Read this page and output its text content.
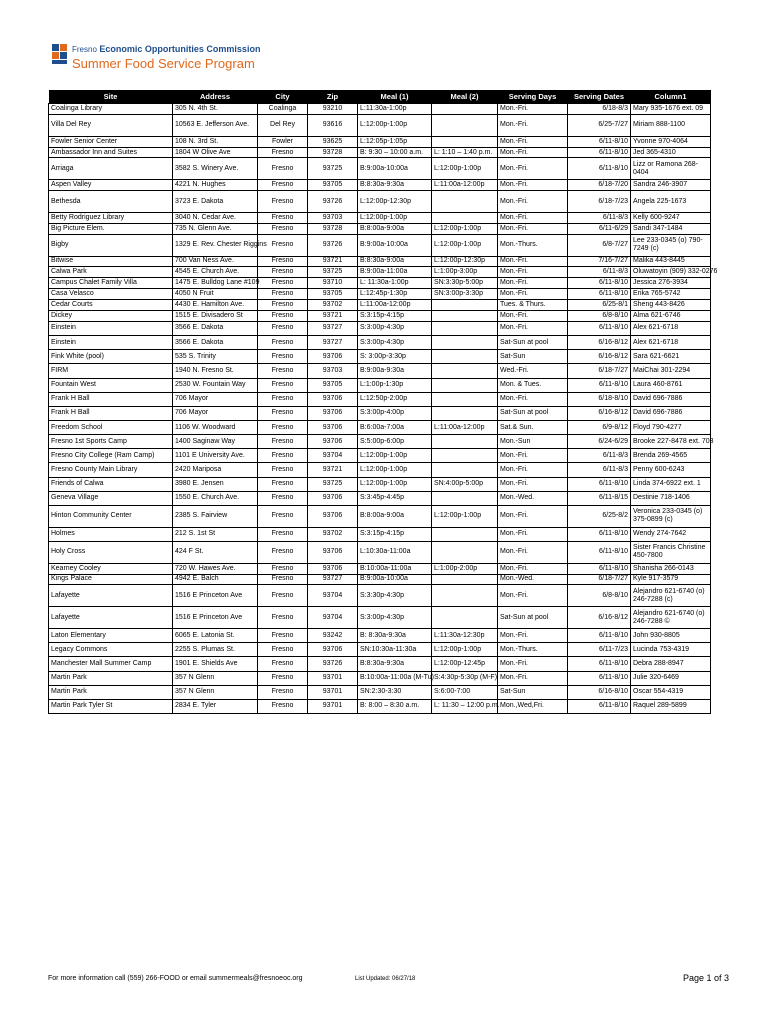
Fresno Economic Opportunities Commission
Summer Food Service Program
Site	Address	City	Zip	Meal (1)	Meal (2)	Serving Days	Serving Dates	Column1
Coalinga Library	305 N. 4th St.	Coalinga	93210	L:11:30a-1:00p		Mon.-Fri.	6/18-8/3	Mary 935-1676 ext. 09
Villa Del Rey	10563 E. Jefferson Ave.	Del Rey	93616	L:12:00p-1:00p		Mon.-Fri.	6/25-7/27	Miriam 888-1100
Fowler Senior Center	108 N. 3rd St.	Fowler	93625	L:12:05p-1:05p		Mon.-Fri.	6/11-8/10	Yvonne 970-4064
Ambassador Inn and Suites	1804 W Olive Ave	Fresno	93728	B: 9:30 – 10:00 a.m.	L: 1:10 – 1:40 p.m.	Mon.-Fri.	6/11-8/10	Jed 365-4310
Arriaga	3582 S. Winery Ave.	Fresno	93725	B:9:00a-10:00a	L:12:00p-1:00p	Mon.-Fri.	6/11-8/10	Lizz or Ramona 268-0404
Aspen Valley	4221 N. Hughes	Fresno	93705	B:8:30a-9:30a	L:11:00a-12:00p	Mon.-Fri.	6/18-7/20	Sandra 246-3907
Bethesda	3723 E. Dakota	Fresno	93726	L:12:00p-12:30p		Mon.-Fri.	6/18-7/23	Angela 225-1673
Betty Rodriguez Library	3040 N. Cedar Ave.	Fresno	93703	L:12:00p-1:00p		Mon.-Fri.	6/11-8/3	Kelly 600-9247
Big Picture Elem.	735 N. Glenn Ave.	Fresno	93728	B:8:00a-9:00a	L:12:00p-1:00p	Mon.-Fri.	6/11-6/29	Sandi 347-1484
Bigby	1329 E. Rev. Chester Riggins	Fresno	93726	B:9:00a-10:00a	L:12:00p-1:00p	Mon.-Thurs.	6/8-7/27	Lee 233-0345 (o) 790-7249 (c)
Bitwise	700 Van Ness Ave.	Fresno	93721	B:8:30a-9:00a	L:12:00p-12:30p	Mon.-Fri.	7/16-7/27	Malika 443-8445
Calwa Park	4545 E. Church Ave.	Fresno	93725	B:9:00a-11:00a	L:1:00p-3:00p	Mon.-Fri.	6/11-8/3	Oluwatoyin (909) 332-0276
Campus Chalet Family Villa	1475 E. Bulldog Lane #109	Fresno	93710	L: 11:30a-1:00p	SN:3:30p-5:00p	Mon.-Fri.	6/11-8/10	Jessica 276-3934
Casa Velasco	4050 N Fruit	Fresno	93705	L:12:45p-1:30p	SN:3:00p-3:30p	Mon.-Fri.	6/11-8/10	Erika 765-5742
Cedar Courts	4430 E. Hamilton Ave.	Fresno	93702	L:11:00a-12:00p		Tues. & Thurs.	6/25-8/1	Sheng 443-8426
Dickey	1515 E. Divisadero St	Fresno	93721	S:3:15p-4:15p		Mon.-Fri.	6/8-8/10	Alma 621-6746
Einstein	3566 E. Dakota	Fresno	93727	S:3:00p-4:30p		Mon.-Fri.	6/11-8/10	Alex 621-6718
Einstein	3566 E. Dakota	Fresno	93727	S:3:00p-4:30p		Sat-Sun at pool	6/16-8/12	Alex 621-6718
Fink White (pool)	535 S. Trinity	Fresno	93706	S: 3:00p-3:30p		Sat-Sun	6/16-8/12	Sara 621-6621
FIRM	1940 N. Fresno St.	Fresno	93703	B:9:00a-9:30a		Wed.-Fri.	6/18-7/27	MaiChai 301-2294
Fountain West	2530 W. Fountain Way	Fresno	93705	L:1:00p-1:30p		Mon. & Tues.	6/11-8/10	Laura 460-8761
Frank H Ball	706 Mayor	Fresno	93706	L:12:50p-2:00p		Mon.-Fri.	6/18-8/10	David 696-7886
Frank H Ball	706 Mayor	Fresno	93706	S:3:00p-4:00p		Sat-Sun at pool	6/16-8/12	David 696-7886
Freedom School	1106 W. Woodward	Fresno	93706	B:6:00a-7:00a	L:11:00a-12:00p	Sat.& Sun.	6/9-8/12	Floyd 790-4277
Fresno 1st Sports Camp	1400 Saginaw Way	Fresno	93706	S:5:00p-6:00p		Mon.-Sun	6/24-6/29	Brooke 227-8478 ext. 703
Fresno City College (Ram Camp)	1101 E University Ave.	Fresno	93704	L:12:00p-1:00p		Mon.-Fri.	6/11-8/3	Brenda 269-4565
Fresno County Main Library	2420 Mariposa	Fresno	93721	L:12:00p-1:00p		Mon.-Fri.	6/11-8/3	Penny 600-6243
Friends of Calwa	3980 E. Jensen	Fresno	93725	L:12:00p-1:00p	SN:4:00p-5:00p	Mon.-Fri.	6/11-8/10	Linda 374-6922 ext. 1
Geneva Village	1550 E. Church Ave.	Fresno	93706	S:3:45p-4:45p		Mon.-Wed.	6/11-8/15	Destinie 718-1406
Hinton Community Center	2385 S. Fairview	Fresno	93706	B:8:00a-9:00a	L:12:00p-1:00p	Mon.-Fri.	6/25-8/2	Veronica 233-0345 (o) 375-0899 (c)
Holmes	212 S. 1st St	Fresno	93702	S:3:15p-4:15p		Mon.-Fri.	6/11-8/10	Wendy 274-7642
Holy Cross	424 F St.	Fresno	93706	L:10:30a-11:00a		Mon.-Fri.	6/11-8/10	Sister Francis Christine 450-7800
Kearney Cooley	720 W. Hawes Ave.	Fresno	93706	B:10:00a-11:00a	L:1:00p-2:00p	Mon.-Fri.	6/11-8/10	Shanisha 266-0143
Kings Palace	4942 E. Balch	Fresno	93727	B:9:00a-10:00a		Mon.-Wed.	6/18-7/27	Kyle 917-3579
Lafayette	1516 E Princeton Ave	Fresno	93704	S:3:30p-4:30p		Mon.-Fri.	6/8-8/10	Alejandro 621-6740 (o) 246-7288 (c)
Lafayette	1516 E Princeton Ave	Fresno	93704	S:3:00p-4:30p		Sat-Sun at pool	6/16-8/12	Alejandro 621-6740 (o) 246-7288 ©
Laton Elementary	6065 E. Latonia St.	Fresno	93242	B: 8:30a-9:30a	L:11:30a-12:30p	Mon.-Fri.	6/11-8/10	John 930-8805
Legacy Commons	2255 S. Plumas St.	Fresno	93706	SN:10:30a-11:30a	L:12:00p-1:00p	Mon.-Thurs.	6/11-7/23	Lucinda 753-4319
Manchester Mall Summer Camp	1901 E. Shields Ave	Fresno	93726	B:8:30a-9:30a	L:12:00p-12:45p	Mon.-Fri.	6/11-8/10	Debra 288-8947
Martin Park	357 N Glenn	Fresno	93701	B:10:00a-11:00a (M-Tu)	S:4:30p-5:30p (M-F)	Mon.-Fri.	6/11-8/10	Julie 320-6469
Martin Park	357 N Glenn	Fresno	93701	SN:2:30-3:30	S:6:00-7:00	Sat-Sun	6/16-8/10	Oscar 554-4319
Martin Park Tyler St	2834 E. Tyler	Fresno	93701	B: 8:00 – 8:30 a.m.	L: 11:30 – 12:00 p.m.	Mon.,Wed,Fri.	6/11-8/10	Raquel 289-5899
For more information call (559) 266-FOOD or email summermeals@fresnoeoc.org	List Updated: 06/27/18	Page 1 of 3
